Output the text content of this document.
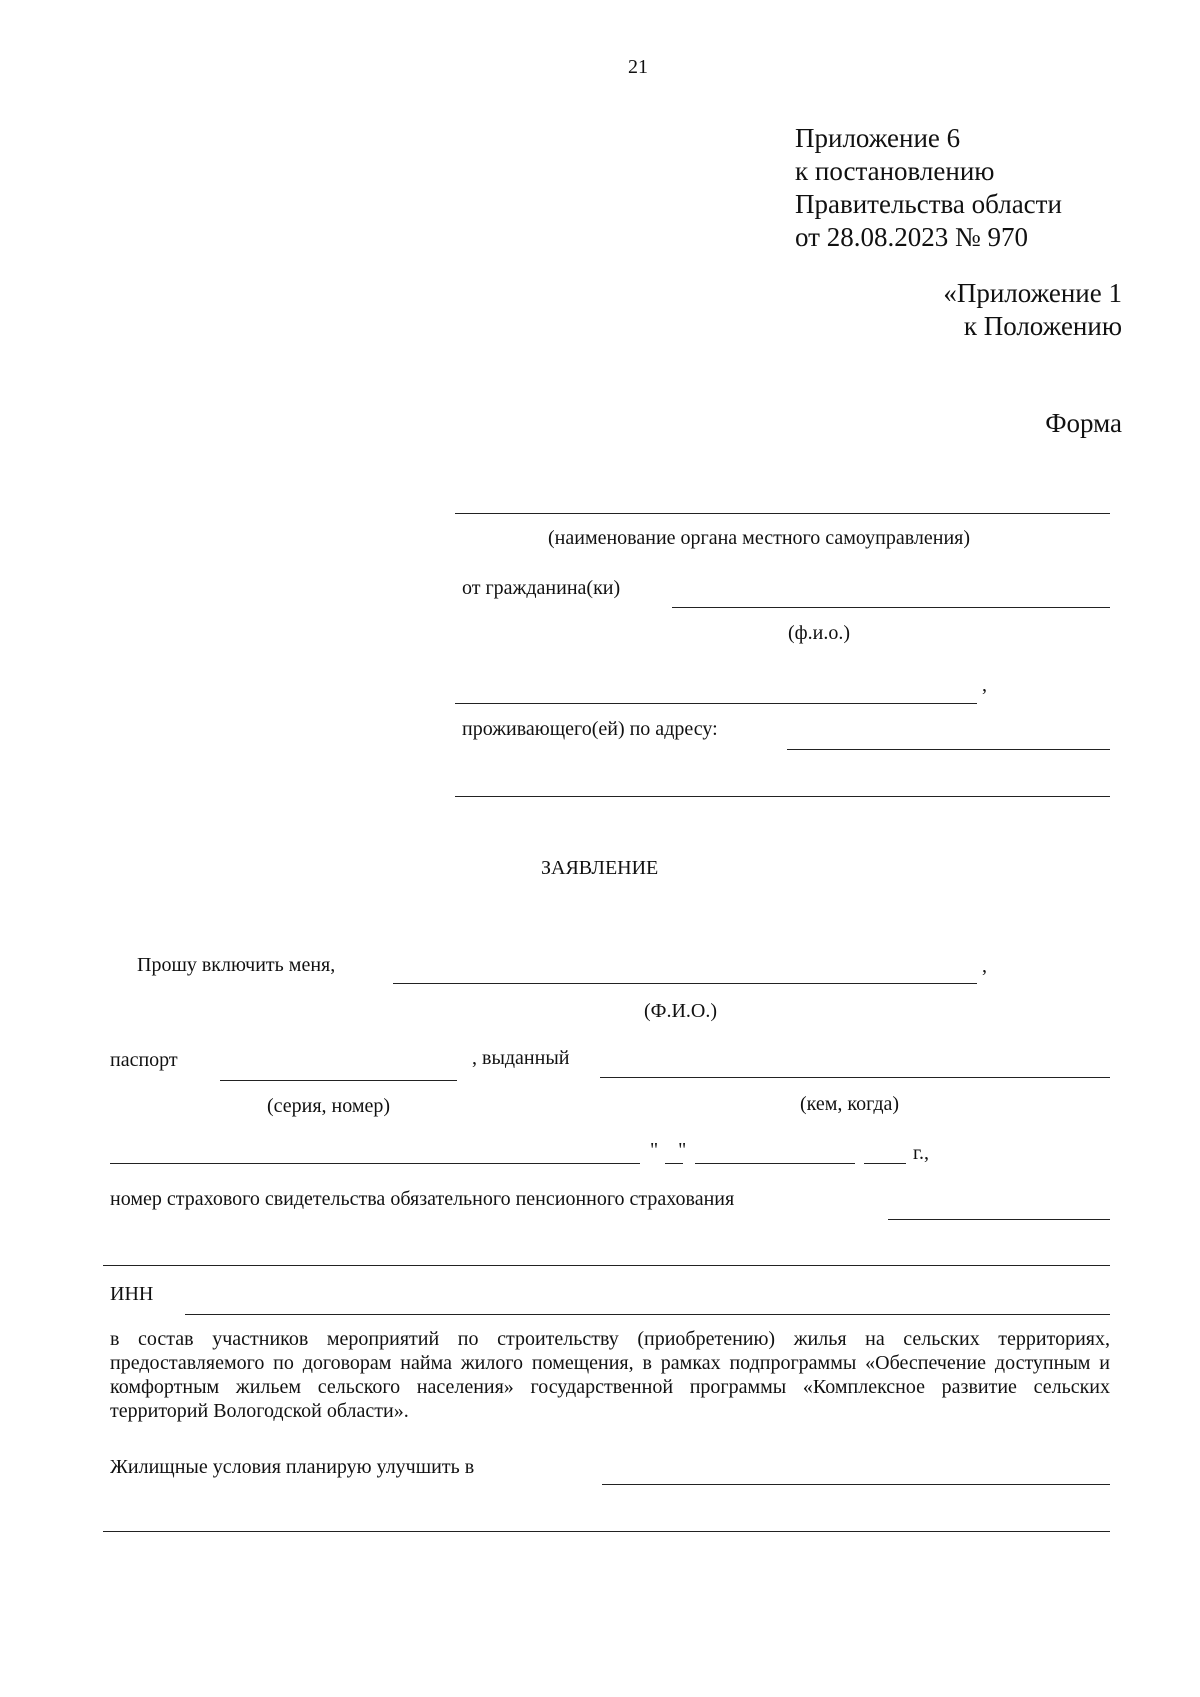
21
Приложение 6
к постановлению
Правительства области
от 28.08.2023 № 970
«Приложение 1
к Положению
Форма
(наименование органа местного самоуправления)
от гражданина(ки)
(ф.и.о.)
,
проживающего(ей) по адресу:
ЗАЯВЛЕНИЕ
Прошу включить меня,	,
(Ф.И.О.)
паспорт	, выданный
(серия, номер)	(кем, когда)
"    "	г.,
номер страхового свидетельства обязательного пенсионного страхования
ИНН
в состав участников мероприятий по строительству (приобретению) жилья на сельских территориях, предоставляемого по договорам найма жилого помещения, в рамках подпрограммы «Обеспечение доступным и комфортным жильем сельского населения» государственной программы «Комплексное развитие сельских территорий Вологодской области».
Жилищные условия планирую улучшить в
